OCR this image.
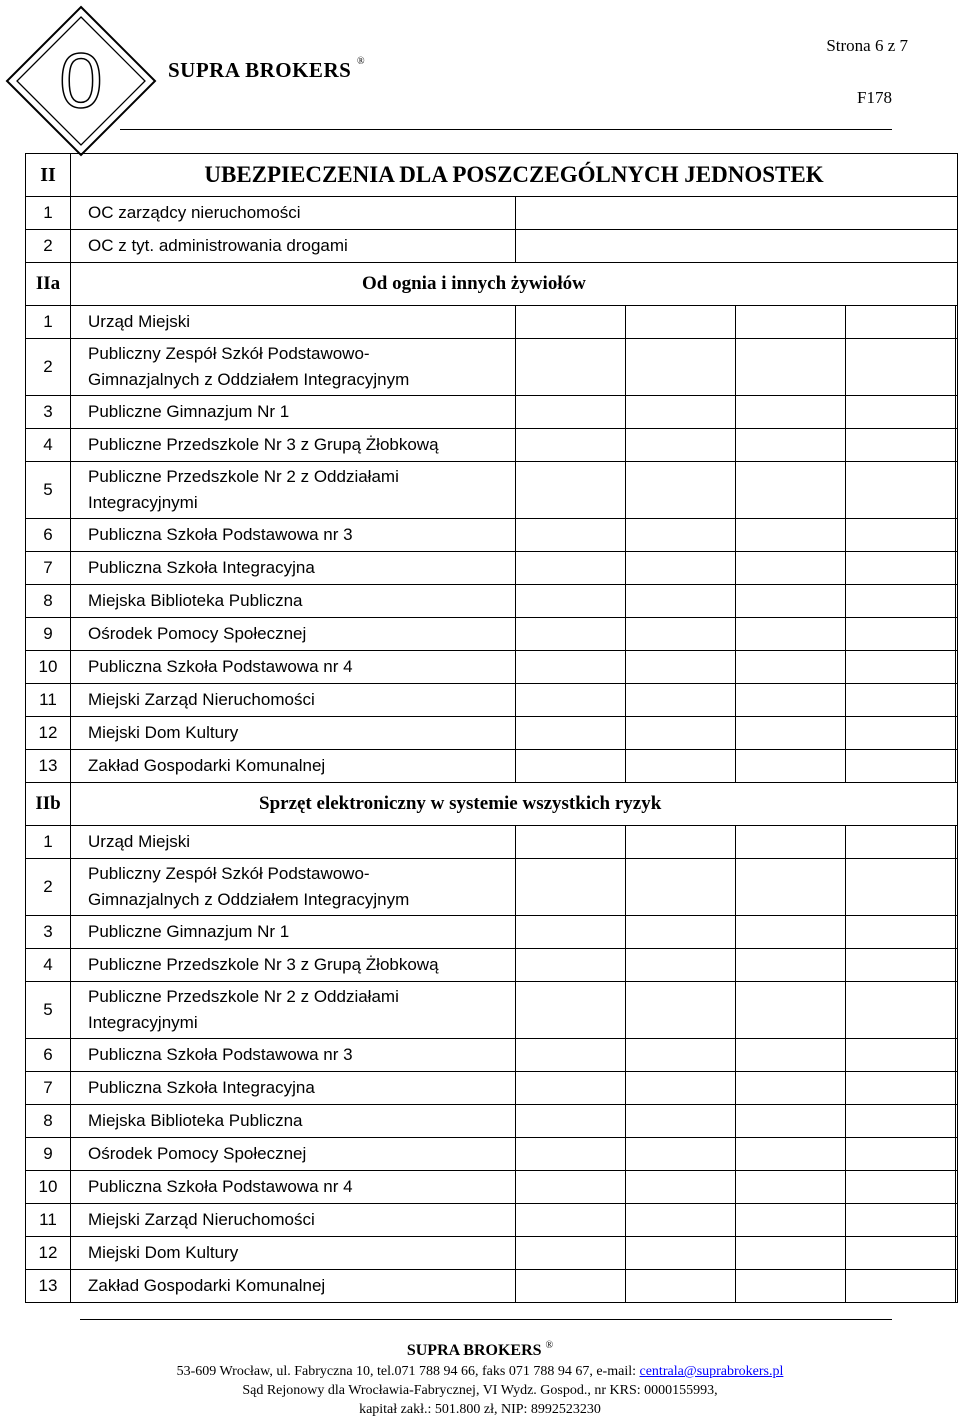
0	SUPRA BROKERS ®
Strona 6 z 7
F178
II	UBEZPIECZENIA DLA POSZCZEGÓLNYCH JEDNOSTEK					
1	OC zarządcy nieruchomości					
2	OC z tyt. administrowania drogami					
IIa	Od ognia i innych żywiołów					
1	Urząd Miejski					
2	Publiczny Zespół Szkół Podstawowo-
Gimnazjalnych z Oddziałem Integracyjnym					
3	Publiczne Gimnazjum Nr 1					
4	Publiczne Przedszkole Nr 3 z Grupą Żłobkową					
5	Publiczne Przedszkole Nr 2 z Oddziałami
Integracyjnymi					
6	Publiczna Szkoła Podstawowa nr 3					
7	Publiczna Szkoła Integracyjna					
8	Miejska Biblioteka Publiczna					
9	Ośrodek Pomocy Społecznej					
10	Publiczna Szkoła Podstawowa nr 4					
11	Miejski Zarząd Nieruchomości					
12	Miejski Dom Kultury					
13	Zakład Gospodarki Komunalnej					
IIb	Sprzęt elektroniczny w systemie wszystkich ryzyk					
1	Urząd Miejski					
2	Publiczny Zespół Szkół Podstawowo-
Gimnazjalnych z Oddziałem Integracyjnym					
3	Publiczne Gimnazjum Nr 1					
4	Publiczne Przedszkole Nr 3 z Grupą Żłobkową					
5	Publiczne Przedszkole Nr 2 z Oddziałami
Integracyjnymi					
6	Publiczna Szkoła Podstawowa nr 3					
7	Publiczna Szkoła Integracyjna					
8	Miejska Biblioteka Publiczna					
9	Ośrodek Pomocy Społecznej					
10	Publiczna Szkoła Podstawowa nr 4					
11	Miejski Zarząd Nieruchomości					
12	Miejski Dom Kultury					
13	Zakład Gospodarki Komunalnej					
SUPRA BROKERS ®
53-609 Wrocław, ul. Fabryczna 10, tel.071 788 94 66, faks 071 788 94 67, e-mail: centrala@suprabrokers.pl
Sąd Rejonowy dla Wrocławia-Fabrycznej, VI Wydz. Gospod., nr KRS: 0000155993,
kapitał zakł.: 501.800 zł, NIP: 8992523230
